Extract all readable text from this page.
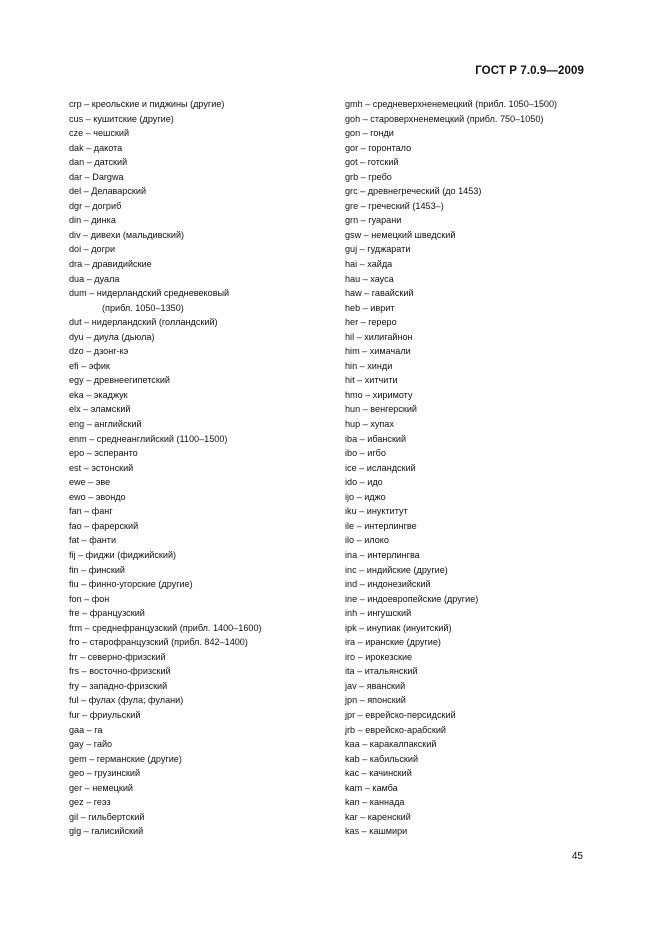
ГОСТ Р 7.0.9—2009
crp – креольские и пиджины (другие)
cus – кушитские (другие)
cze – чешский
dak – дакота
dan – датский
dar – Dargwa
del – Делаварский
dgr – догриб
din – динка
div – дивехи (мальдивский)
doi – догри
dra – дравидийские
dua – дуала
dum – нидерландский средневековый
(прибл. 1050–1350)
dut – нидерландский (голландский)
dyu – диула (дьюла)
dzo – дзонг-кэ
efi – эфик
egy – древнеегипетский
eka – экаджук
elx – эламский
eng – английский
enm – среднеанглийский (1100–1500)
epo – эсперанто
est – эстонский
ewe – эве
ewo – эвондо
fan – фанг
fao – фарерский
fat – фанти
fij – фиджи (фиджийский)
fin – финский
fiu – финно-угорские (другие)
fon – фон
fre – французский
frm – среднефранцузский (прибл. 1400–1600)
fro – старофранцузский (прибл. 842–1400)
frr – северно-фризский
frs – восточно-фризский
fry – западно-фризский
ful – фулах (фула; фулани)
fur – фриульский
gaa – га
gay – гайо
gem – германские (другие)
geo – грузинский
ger – немецкий
gez – геэз
gil – гильбертский
glg – галисийский
gmh – средневерхненемецкий (прибл. 1050–1500)
goh – староверхненемецкий (прибл. 750–1050)
gon – гонди
gor – горонтало
got – готский
grb – гребо
grc – древнегреческий (до 1453)
gre – греческий (1453–)
grn – гуарани
gsw – немецкий шведский
guj – гуджарати
hai – хайда
hau – хауса
haw – гавайский
heb – иврит
her – гереро
hil – хилигайнон
him – химачали
hin – хинди
hit – хитчити
hmo – хиримоту
hun – венгерский
hup – хупах
iba – ибанский
ibo – игбо
ice – исландский
ido – идо
ijo – иджо
iku – инуктитут
ile – интерлингве
ilo – илоко
ina – интерлингва
inc – индийские (другие)
ind – индонезийский
ine – индоевропейские (другие)
inh – ингушский
ipk – инупиак (инуитский)
ira – иранские (другие)
iro – ирокезские
ita – итальянский
jav – яванский
jpn – японский
jpr – еврейско-персидский
jrb – еврейско-арабский
kaa – каракалпакский
kab – кабильский
kac – качинский
kam – камба
kan – каннада
kar – каренский
kas – кашмири
45
